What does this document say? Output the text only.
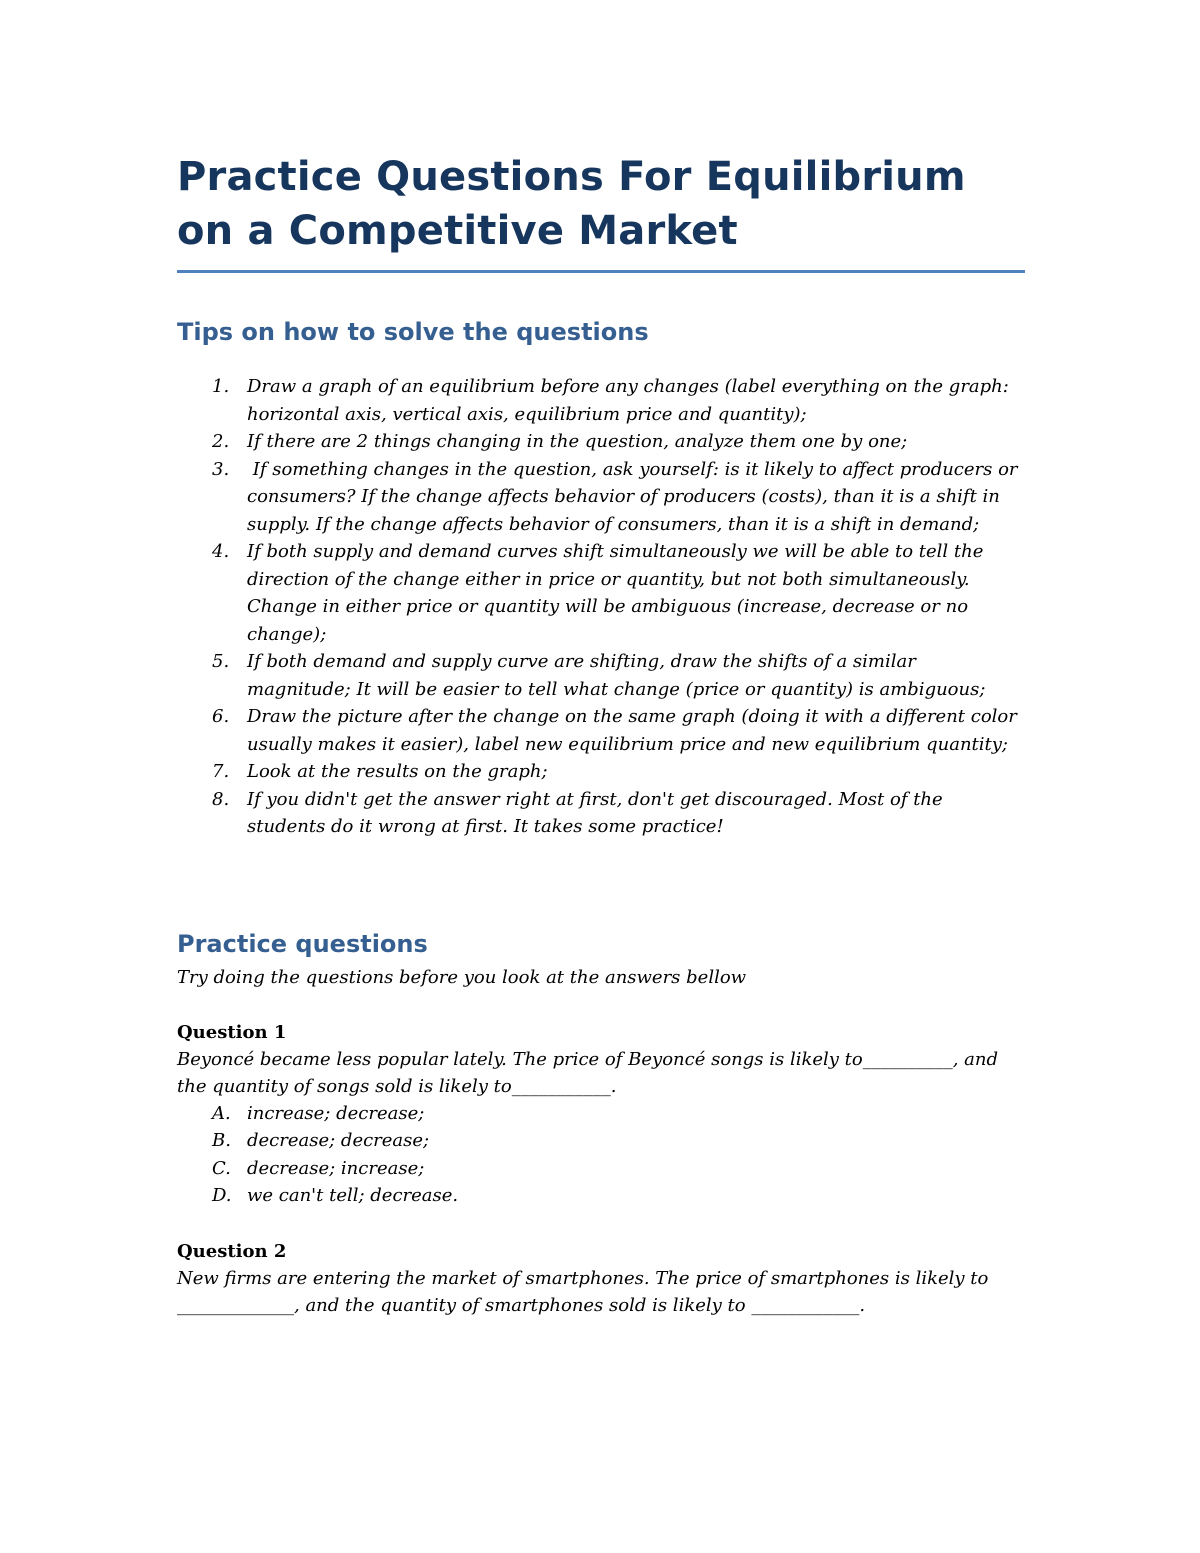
Practice Questions For Equilibrium on a Competitive Market
Tips on how to solve the questions
1. Draw a graph of an equilibrium before any changes (label everything on the graph: horizontal axis, vertical axis, equilibrium price and quantity);
2. If there are 2 things changing in the question, analyze them one by one;
3. If something changes in the question, ask yourself: is it likely to affect producers or consumers? If the change affects behavior of producers (costs), than it is a shift in supply. If the change affects behavior of consumers, than it is a shift in demand;
4. If both supply and demand curves shift simultaneously we will be able to tell the direction of the change either in price or quantity, but not both simultaneously. Change in either price or quantity will be ambiguous (increase, decrease or no change);
5. If both demand and supply curve are shifting, draw the shifts of a similar magnitude; It will be easier to tell what change (price or quantity) is ambiguous;
6. Draw the picture after the change on the same graph (doing it with a different color usually makes it easier), label new equilibrium price and new equilibrium quantity;
7. Look at the results on the graph;
8. If you didn't get the answer right at first, don't get discouraged. Most of the students do it wrong at first. It takes some practice!
Practice questions

Try doing the questions before you look at the answers bellow

Question 1

Beyoncé became less popular lately. The price of Beyoncé songs is likely to__________, and the quantity of songs sold is likely to___________.

A. increase; decrease;
B. decrease; decrease;
C. decrease; increase;
D. we can't tell; decrease.

Question 2

New firms are entering the market of smartphones. The price of smartphones is likely to _____________, and the quantity of smartphones sold is likely to ____________.
